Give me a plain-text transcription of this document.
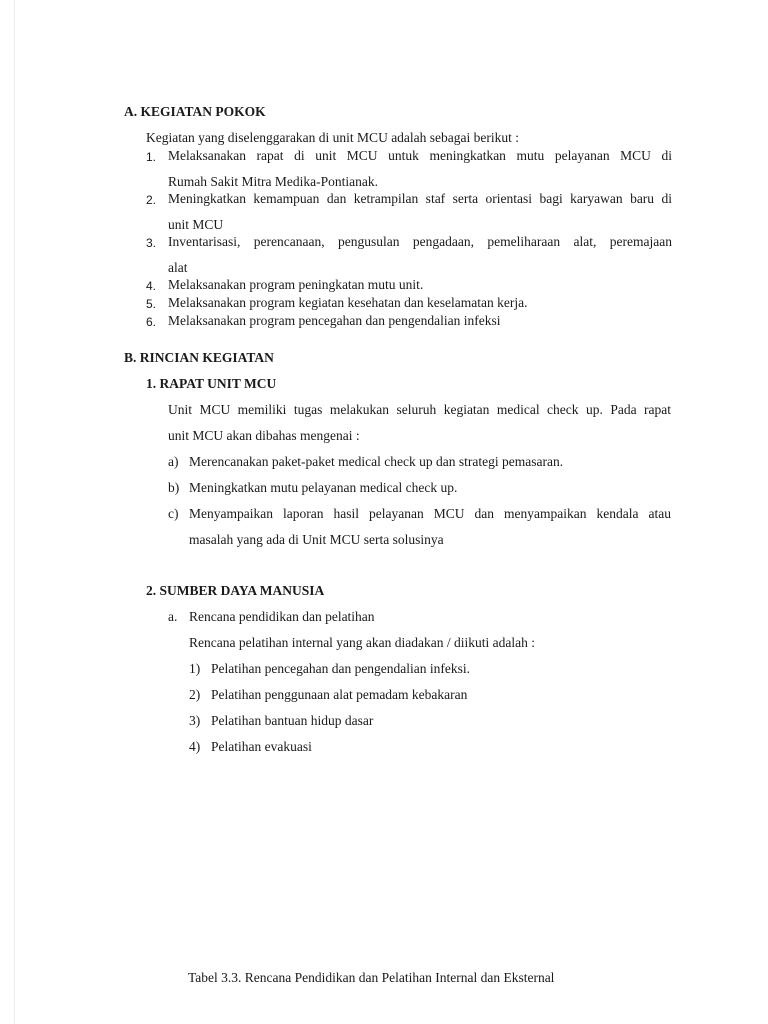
A. KEGIATAN POKOK
Kegiatan yang diselenggarakan di unit MCU adalah sebagai berikut :
1. Melaksanakan rapat di unit MCU untuk meningkatkan mutu pelayanan MCU di
Rumah Sakit Mitra Medika-Pontianak.
2. Meningkatkan kemampuan dan ketrampilan staf serta orientasi bagi karyawan baru di
unit MCU
3. Inventarisasi, perencanaan, pengusulan pengadaan, pemeliharaan alat, peremajaan
alat
4. Melaksanakan program peningkatan mutu unit.
5. Melaksanakan program kegiatan kesehatan dan keselamatan kerja.
6. Melaksanakan program pencegahan dan pengendalian infeksi
B. RINCIAN KEGIATAN
1. RAPAT UNIT MCU
Unit MCU memiliki tugas melakukan seluruh kegiatan medical check up. Pada rapat
unit MCU akan dibahas mengenai :
a) Merencanakan paket-paket medical check up dan strategi pemasaran.
b) Meningkatkan mutu pelayanan medical check up.
c) Menyampaikan laporan hasil pelayanan MCU dan menyampaikan kendala atau
masalah yang ada di Unit MCU serta solusinya
2. SUMBER DAYA MANUSIA
a. Rencana pendidikan dan pelatihan
Rencana pelatihan internal yang akan diadakan / diikuti adalah :
1) Pelatihan pencegahan dan pengendalian infeksi.
2) Pelatihan penggunaan alat pemadam kebakaran
3) Pelatihan bantuan hidup dasar
4) Pelatihan evakuasi
Tabel 3.3. Rencana Pendidikan dan Pelatihan Internal dan Eksternal
